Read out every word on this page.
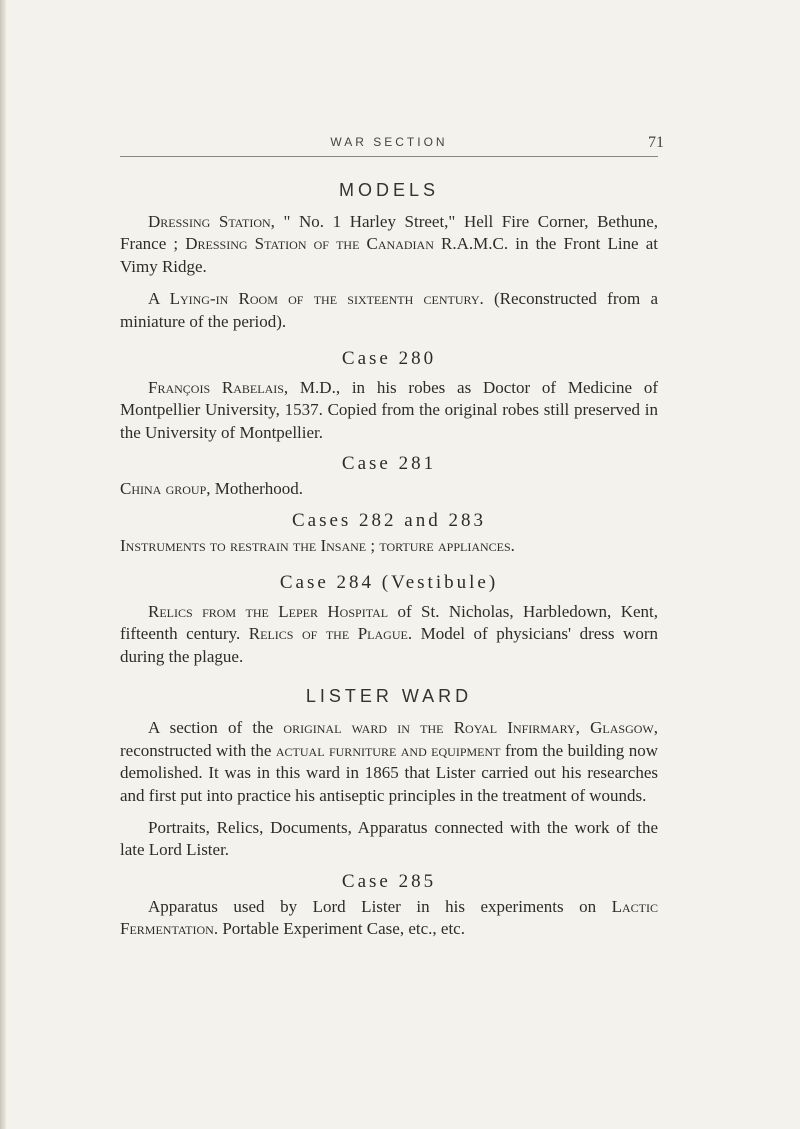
WAR SECTION	71
MODELS

Dressing Station, " No. 1 Harley Street," Hell Fire Corner, Bethune, France ; Dressing Station of the Canadian R.A.M.C. in the Front Line at Vimy Ridge.

A Lying-in Room of the sixteenth century. (Reconstructed from a miniature of the period).

Case 280

François Rabelais, M.D., in his robes as Doctor of Medicine of Montpellier University, 1537. Copied from the original robes still preserved in the University of Montpellier.

Case 281

China group, Motherhood.

Cases 282 and 283

Instruments to restrain the Insane ; torture appliances.

Case 284 (Vestibule)

Relics from the Leper Hospital of St. Nicholas, Harbledown, Kent, fifteenth century. Relics of the Plague. Model of physicians' dress worn during the plague.

LISTER WARD

A section of the original ward in the Royal Infirmary, Glasgow, reconstructed with the actual furniture and equipment from the building now demolished. It was in this ward in 1865 that Lister carried out his researches and first put into practice his antiseptic principles in the treatment of wounds.

Portraits, Relics, Documents, Apparatus connected with the work of the late Lord Lister.

Case 285

Apparatus used by Lord Lister in his experiments on Lactic Fermentation. Portable Experiment Case, etc., etc.
